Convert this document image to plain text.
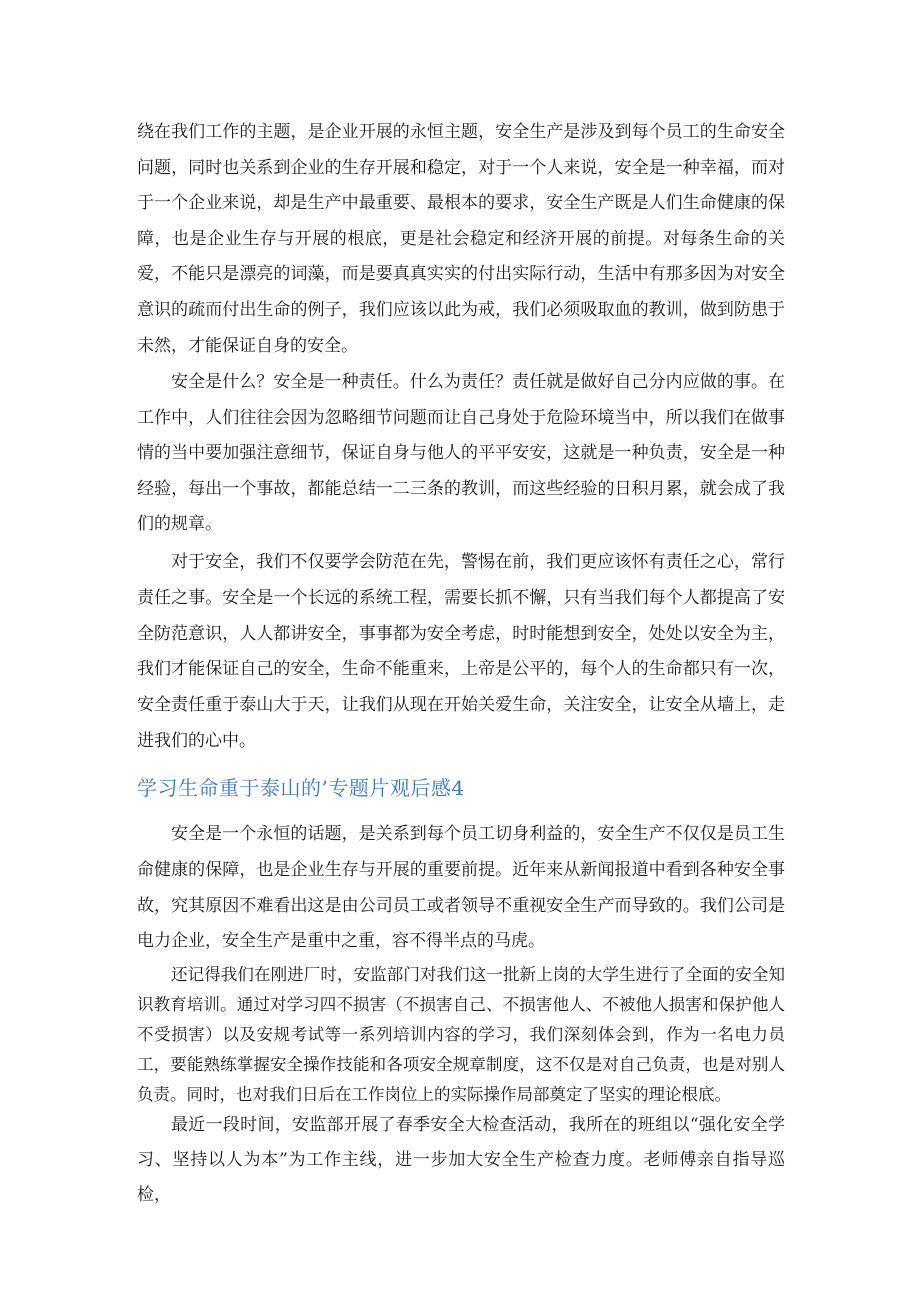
绕在我们工作的主题，是企业开展的永恒主题，安全生产是涉及到每个员工的生命安全问题，同时也关系到企业的生存开展和稳定，对于一个人来说，安全是一种幸福，而对于一个企业来说，却是生产中最重要、最根本的要求，安全生产既是人们生命健康的保障，也是企业生存与开展的根底，更是社会稳定和经济开展的前提。对每条生命的关爱，不能只是漂亮的词藻，而是要真真实实的付出实际行动，生活中有那多因为对安全意识的疏而付出生命的例子，我们应该以此为戒，我们必须吸取血的教训，做到防患于未然，才能保证自身的安全。

安全是什么？安全是一种责任。什么为责任？责任就是做好自己分内应做的事。在工作中，人们往往会因为忽略细节问题而让自己身处于危险环境当中，所以我们在做事情的当中要加强注意细节，保证自身与他人的平平安安，这就是一种负责，安全是一种经验，每出一个事故，都能总结一二三条的教训，而这些经验的日积月累，就会成了我们的规章。

对于安全，我们不仅要学会防范在先，警惕在前，我们更应该怀有责任之心，常行责任之事。安全是一个长远的系统工程，需要长抓不懈，只有当我们每个人都提高了安全防范意识，人人都讲安全，事事都为安全考虑，时时能想到安全，处处以安全为主，我们才能保证自己的安全，生命不能重来，上帝是公平的，每个人的生命都只有一次，安全责任重于泰山大于天，让我们从现在开始关爱生命，关注安全，让安全从墙上，走进我们的心中。

学习生命重于泰山的’专题片观后感4

安全是一个永恒的话题，是关系到每个员工切身利益的，安全生产不仅仅是员工生命健康的保障，也是企业生存与开展的重要前提。近年来从新闻报道中看到各种安全事故，究其原因不难看出这是由公司员工或者领导不重视安全生产而导致的。我们公司是电力企业，安全生产是重中之重，容不得半点的马虎。

还记得我们在刚进厂时，安监部门对我们这一批新上岗的大学生进行了全面的安全知识教育培训。通过对学习四不损害（不损害自己、不损害他人、不被他人损害和保护他人不受损害）以及安规考试等一系列培训内容的学习，我们深刻体会到，作为一名电力员工，要能熟练掌握安全操作技能和各项安全规章制度，这不仅是对自己负责，也是对别人负责。同时，也对我们日后在工作岗位上的实际操作局部奠定了坚实的理论根底。

最近一段时间，安监部开展了春季安全大检查活动，我所在的班组以“强化安全学习、坚持以人为本”为工作主线，进一步加大安全生产检查力度。老师傅亲自指导巡检，
